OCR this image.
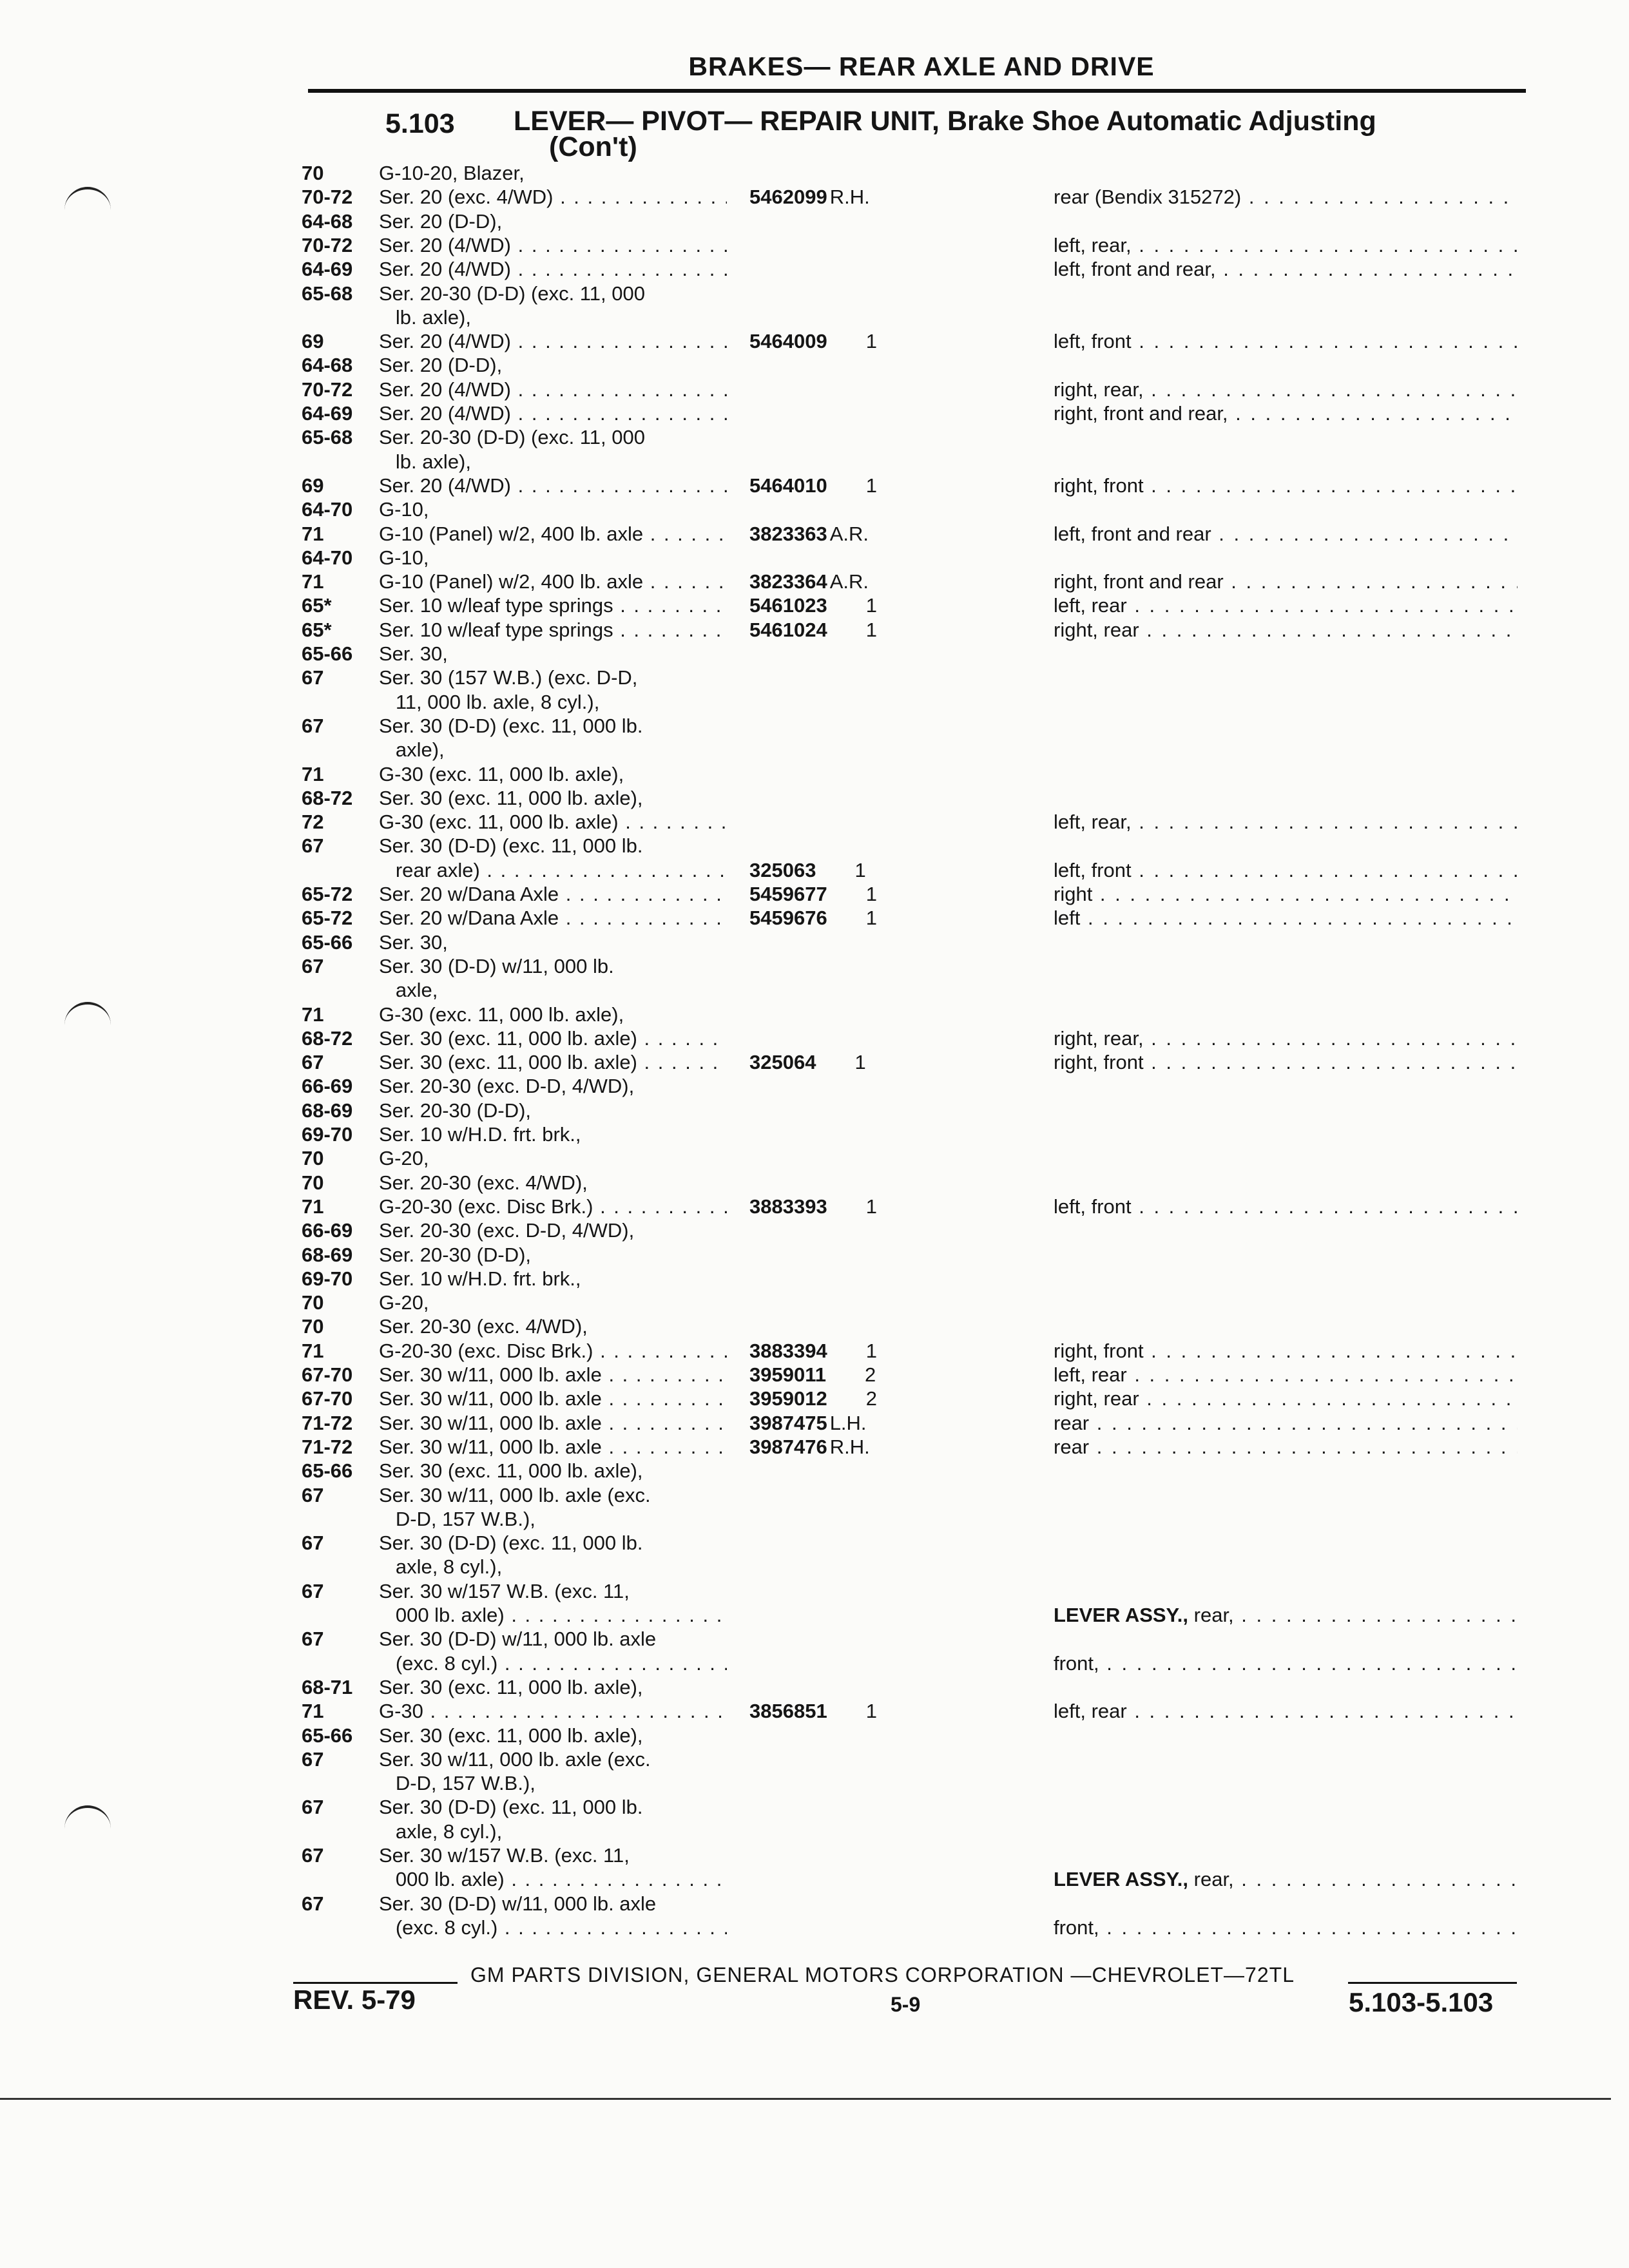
BRAKES— REAR AXLE AND DRIVE
5.103 LEVER— PIVOT— REPAIR UNIT, Brake Shoe Automatic Adjusting
(Con't)
70	G-10-20, Blazer,
70-72	Ser. 20 (exc. 4/WD) . . .	5462099 R.H.	rear (Bendix 315272) . . .
64-68	Ser. 20 (D-D),
70-72	Ser. 20 (4/WD) . . .	left, rear, . . .
64-69	Ser. 20 (4/WD) . . .	left, front and rear, . . .
65-68	Ser. 20-30 (D-D) (exc. 11, 000
lb. axle),
69	Ser. 20 (4/WD) . . .	5464009 1	left, front . . .
64-68	Ser. 20 (D-D),
70-72	Ser. 20 (4/WD) . . .	right, rear, . . .
64-69	Ser. 20 (4/WD) . . .	right, front and rear, . . .
65-68	Ser. 20-30 (D-D) (exc. 11, 000
lb. axle),
69	Ser. 20 (4/WD) . . .	5464010 1	right, front . . .
64-70	G-10,
71	G-10 (Panel) w/2, 400 lb. axle . . .	3823363 A.R.	left, front and rear . . .
64-70	G-10,
71	G-10 (Panel) w/2, 400 lb. axle . . .	3823364 A.R.	right, front and rear . . .
65*	Ser. 10 w/leaf type springs . . .	5461023 1	left, rear . . .
65*	Ser. 10 w/leaf type springs . . .	5461024 1	right, rear . . .
65-66	Ser. 30,
67	Ser. 30 (157 W.B.) (exc. D-D,
11, 000 lb. axle, 8 cyl.),
67	Ser. 30 (D-D) (exc. 11, 000 lb.
axle),
71	G-30 (exc. 11, 000 lb. axle),
68-72	Ser. 30 (exc. 11, 000 lb. axle),
72	G-30 (exc. 11, 000 lb. axle) . . .	left, rear, . . .
67	Ser. 30 (D-D) (exc. 11, 000 lb.
rear axle) . . .	325063 1	left, front . . .
65-72	Ser. 20 w/Dana Axle . . .	5459677 1	right . . .
65-72	Ser. 20 w/Dana Axle . . .	5459676 1	left . . .
65-66	Ser. 30,
67	Ser. 30 (D-D) w/11, 000 lb.
axle,
71	G-30 (exc. 11, 000 lb. axle),
68-72	Ser. 30 (exc. 11, 000 lb. axle) . . .	right, rear, . . .
67	Ser. 30 (exc. 11, 000 lb. axle) . . .	325064 1	right, front . . .
66-69	Ser. 20-30 (exc. D-D, 4/WD),
68-69	Ser. 20-30 (D-D),
69-70	Ser. 10 w/H.D. frt. brk.,
70	G-20,
70	Ser. 20-30 (exc. 4/WD),
71	G-20-30 (exc. Disc Brk.) . . .	3883393 1	left, front . . .
66-69	Ser. 20-30 (exc. D-D, 4/WD),
68-69	Ser. 20-30 (D-D),
69-70	Ser. 10 w/H.D. frt. brk.,
70	G-20,
70	Ser. 20-30 (exc. 4/WD),
71	G-20-30 (exc. Disc Brk.) . . .	3883394 1	right, front . . .
67-70	Ser. 30 w/11, 000 lb. axle . . .	3959011 2	left, rear . . .
67-70	Ser. 30 w/11, 000 lb. axle . . .	3959012 2	right, rear . . .
71-72	Ser. 30 w/11, 000 lb. axle . . .	3987475 L.H.	rear . . .
71-72	Ser. 30 w/11, 000 lb. axle . . .	3987476 R.H.	rear . . .
65-66	Ser. 30 (exc. 11, 000 lb. axle),
67	Ser. 30 w/11, 000 lb. axle (exc.
D-D, 157 W.B.),
67	Ser. 30 (D-D) (exc. 11, 000 lb.
axle, 8 cyl.),
67	Ser. 30 w/157 W.B. (exc. 11,
000 lb. axle) . . .	LEVER ASSY., rear, . . .
67	Ser. 30 (D-D) w/11, 000 lb. axle
(exc. 8 cyl.) . . .	front, . . .
68-71	Ser. 30 (exc. 11, 000 lb. axle),
71	G-30 . . .	3856851 1	left, rear . . .
65-66	Ser. 30 (exc. 11, 000 lb. axle),
67	Ser. 30 w/11, 000 lb. axle (exc.
D-D, 157 W.B.),
67	Ser. 30 (D-D) (exc. 11, 000 lb.
axle, 8 cyl.),
67	Ser. 30 w/157 W.B. (exc. 11,
000 lb. axle) . . .	LEVER ASSY., rear, . . .
67	Ser. 30 (D-D) w/11, 000 lb. axle
(exc. 8 cyl.) . . .	front, . . .
GM PARTS DIVISION, GENERAL MOTORS CORPORATION —CHEVROLET—72TL
REV. 5-79	5-9	5.103-5.103
